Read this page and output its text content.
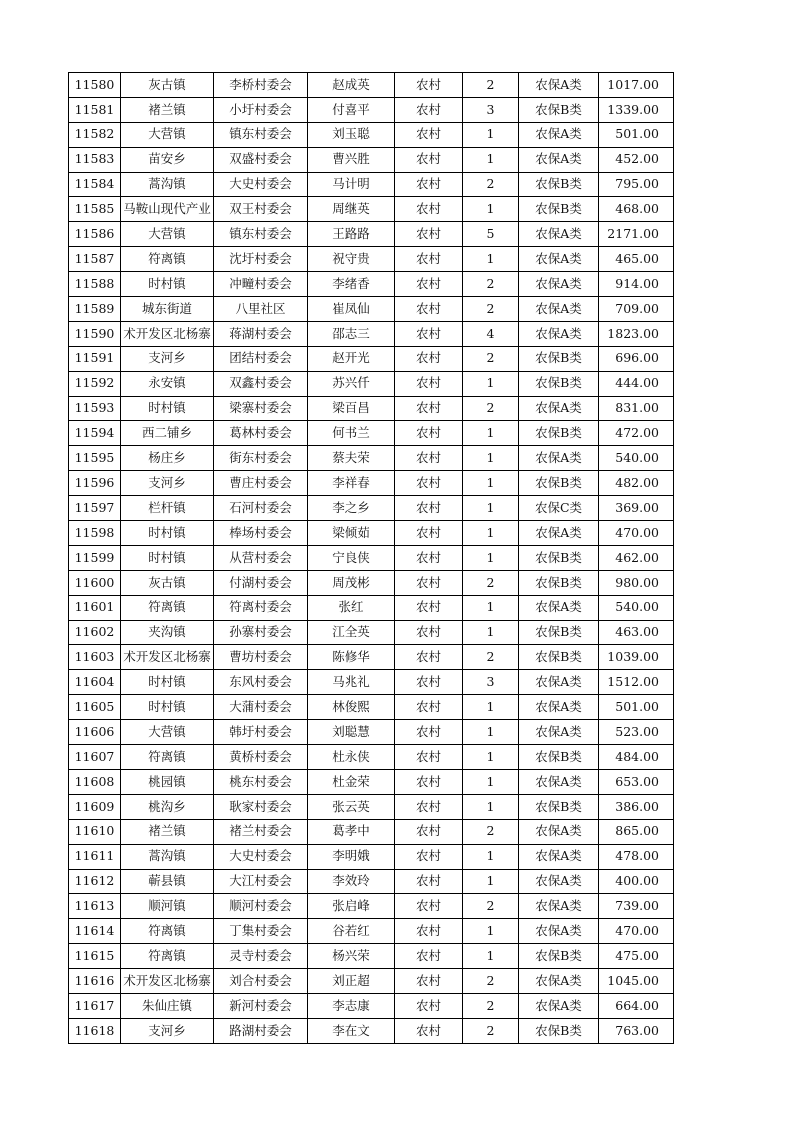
11580	灰古镇	李桥村委会	赵成英	农村	2	农保A类	1017.00
11581	褚兰镇	小圩村委会	付喜平	农村	3	农保B类	1339.00
11582	大营镇	镇东村委会	刘玉聪	农村	1	农保A类	501.00
11583	苗安乡	双盛村委会	曹兴胜	农村	1	农保A类	452.00
11584	蒿沟镇	大史村委会	马计明	农村	2	农保B类	795.00
11585	马鞍山现代产业	双王村委会	周继英	农村	1	农保B类	468.00
11586	大营镇	镇东村委会	王路路	农村	5	农保A类	2171.00
11587	符离镇	沈圩村委会	祝守贵	农村	1	农保A类	465.00
11588	时村镇	冲疃村委会	李绪香	农村	2	农保A类	914.00
11589	城东街道	八里社区	崔凤仙	农村	2	农保A类	709.00
11590	术开发区北杨寨	蒋湖村委会	邵志三	农村	4	农保A类	1823.00
11591	支河乡	团结村委会	赵开光	农村	2	农保B类	696.00
11592	永安镇	双鑫村委会	苏兴仟	农村	1	农保B类	444.00
11593	时村镇	梁寨村委会	梁百昌	农村	2	农保A类	831.00
11594	西二铺乡	葛林村委会	何书兰	农村	1	农保B类	472.00
11595	杨庄乡	街东村委会	蔡夫荣	农村	1	农保A类	540.00
11596	支河乡	曹庄村委会	李祥春	农村	1	农保B类	482.00
11597	栏杆镇	石河村委会	李之乡	农村	1	农保C类	369.00
11598	时村镇	棒场村委会	梁倾茹	农村	1	农保A类	470.00
11599	时村镇	从营村委会	宁良侠	农村	1	农保B类	462.00
11600	灰古镇	付湖村委会	周茂彬	农村	2	农保B类	980.00
11601	符离镇	符离村委会	张红	农村	1	农保A类	540.00
11602	夹沟镇	孙寨村委会	江全英	农村	1	农保B类	463.00
11603	术开发区北杨寨	曹坊村委会	陈修华	农村	2	农保B类	1039.00
11604	时村镇	东风村委会	马兆礼	农村	3	农保A类	1512.00
11605	时村镇	大蒲村委会	林俊熙	农村	1	农保A类	501.00
11606	大营镇	韩圩村委会	刘聪慧	农村	1	农保A类	523.00
11607	符离镇	黄桥村委会	杜永侠	农村	1	农保B类	484.00
11608	桃园镇	桃东村委会	杜金荣	农村	1	农保A类	653.00
11609	桃沟乡	耿家村委会	张云英	农村	1	农保B类	386.00
11610	褚兰镇	褚兰村委会	葛孝中	农村	2	农保A类	865.00
11611	蒿沟镇	大史村委会	李明娥	农村	1	农保A类	478.00
11612	蕲县镇	大江村委会	李效玲	农村	1	农保A类	400.00
11613	顺河镇	顺河村委会	张启峰	农村	2	农保A类	739.00
11614	符离镇	丁集村委会	谷若红	农村	1	农保A类	470.00
11615	符离镇	灵寺村委会	杨兴荣	农村	1	农保B类	475.00
11616	术开发区北杨寨	刘合村委会	刘正超	农村	2	农保A类	1045.00
11617	朱仙庄镇	新河村委会	李志康	农村	2	农保A类	664.00
11618	支河乡	路湖村委会	李在文	农村	2	农保B类	763.00
